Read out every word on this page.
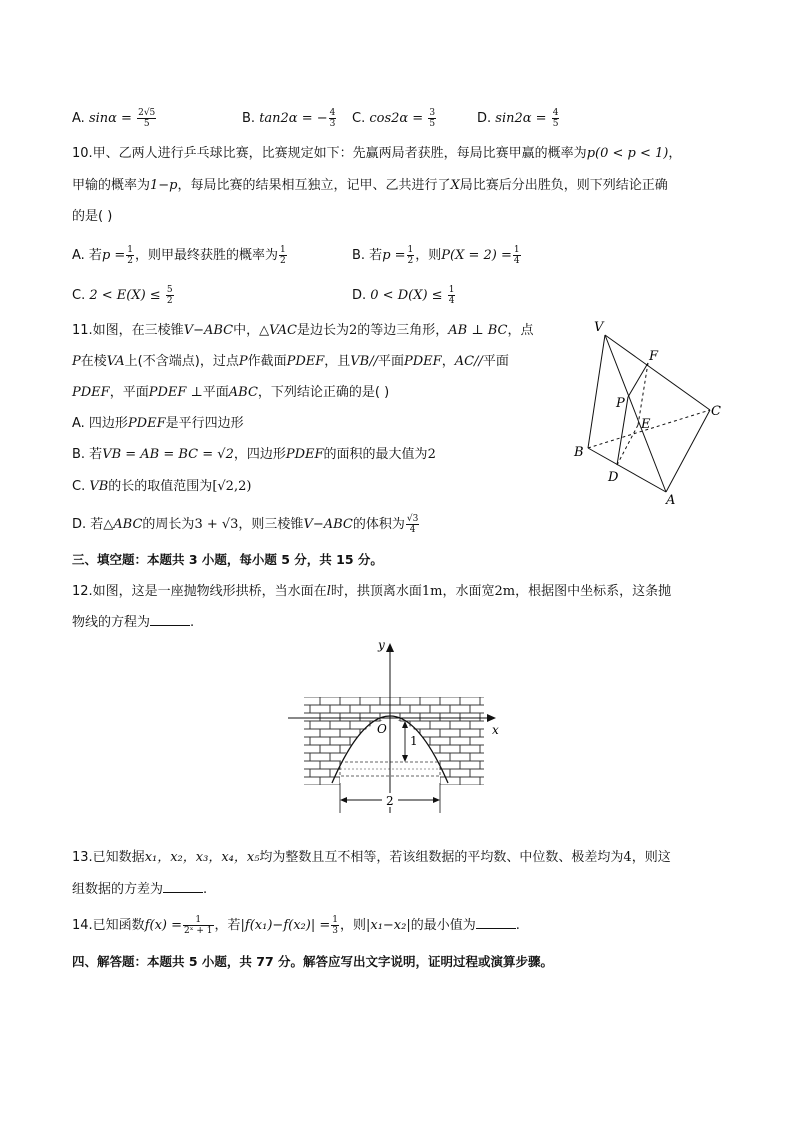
A. $\sin\alpha = \frac{2√5}{5}$	B. tan2α = − $\frac{4}{3} C$. $\cos 2\alpha = \frac{3}{5}$	D. $\sin 2\alpha = \frac{4}{5}$
10.甲、乙两人进行乒乓球比赛，比赛规定如下：先赢两局者获胜，每局比赛甲赢的概率为p(0 < p < 1)，
甲输的概率为1−p，每局比赛的结果相互独立，记甲、乙共进行了X局比赛后分出胜负，则下列结论正确
的是( )
A. 若$p = \frac{1}{2}$ ，则甲最终获胜的概率为 $\frac{1}{2}$	B. 若$p = \frac{1}{2}$ ，则$P(X = 2) = \frac{1}{4}$
C. $2 < E(X) \le \frac{5}{2}$	D. $0 < D(X) \le \frac{1}{4}$
11.如图，在三棱锥V−ABC中，△VAC是边长为2的等边三角形，AB ⊥ BC，点
P在棱VA上(不含端点)，过点P作截面PDEF，且VB//平面PDEF，AC//平面
PDEF，平面PDEF ⊥平面ABC，下列结论正确的是( )
A. 四边形PDEF是平行四边形
B. 若VB = AB = BC = √2，四边形PDEF的面积的最大值为2
C. VB的长的取值范围为[√2,2)
D. 若△ABC的周长为3 + √3，则三棱锥V−ABC的体积为 $\frac{√3}{4}$
V
F
P
E
C
B
D
A
三、填空题：本题共 3 小题，每小题 5 分，共 15 分。
12.如图，这是一座抛物线形拱桥，当水面在l时，拱顶离水面1m，水面宽2m，根据图中坐标系，这条抛
物线的方程为	.
y
x
O
1
2
13.已知数据x₁，x₂，x₃，x₄，x₅均为整数且互不相等，若该组数据的平均数、中位数、极差均为4，则这
组数据的方差为	.
14.已知函数$f(x) = \frac{1}{\text{2ˣ + 1}}$ ，若$|f(x_1)-f(x_2)| = \frac{1}{3}$ ，则|x₁−x₂|的最小值为	.
四、解答题：本题共 5 小题，共 77 分。解答应写出文字说明，证明过程或演算步骤。
